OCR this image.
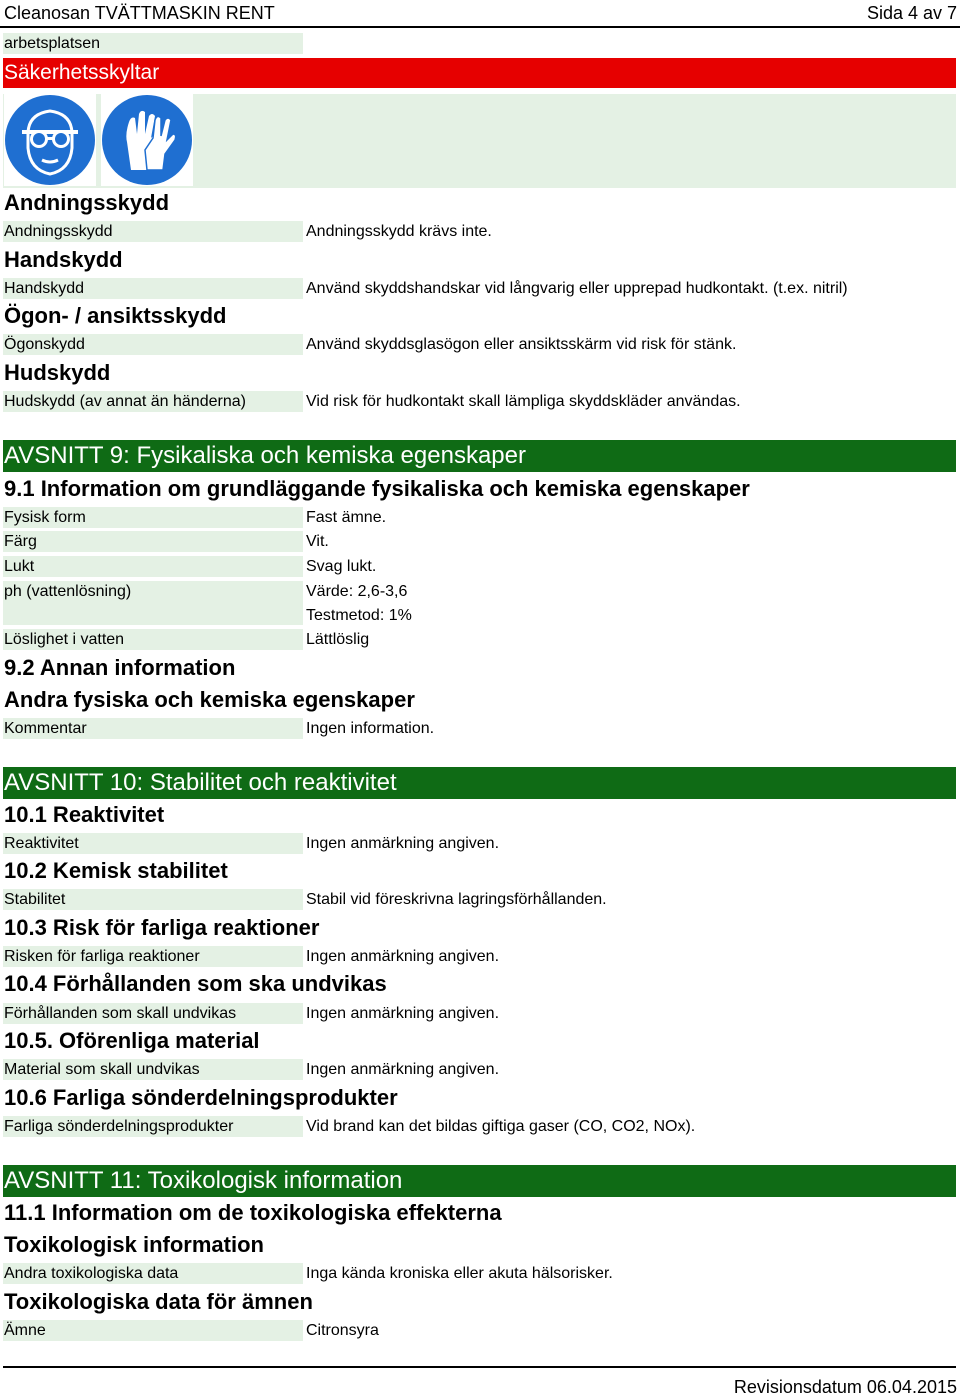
Cleanosan TVÄTTMASKIN RENT	Sida 4 av 7
arbetsplatsen
Säkerhetsskyltar
Andningsskydd
Andningsskydd	Andningsskydd krävs inte.
Handskydd
Handskydd	Använd skyddshandskar vid långvarig eller upprepad hudkontakt. (t.ex. nitril)
Ögon- / ansiktsskydd
Ögonskydd	Använd skyddsglasögon eller ansiktsskärm vid risk för stänk.
Hudskydd
Hudskydd (av annat än händerna)	Vid risk för hudkontakt skall lämpliga skyddskläder användas.
AVSNITT 9: Fysikaliska och kemiska egenskaper
9.1 Information om grundläggande fysikaliska och kemiska egenskaper
Fysisk form	Fast ämne.
Färg	Vit.
Lukt	Svag lukt.
ph (vattenlösning)	Värde: 2,6-3,6
Testmetod: 1%
Löslighet i vatten	Lättlöslig
9.2 Annan information
Andra fysiska och kemiska egenskaper
Kommentar	Ingen information.
AVSNITT 10: Stabilitet och reaktivitet
10.1 Reaktivitet
Reaktivitet	Ingen anmärkning angiven.
10.2 Kemisk stabilitet
Stabilitet	Stabil vid föreskrivna lagringsförhållanden.
10.3 Risk för farliga reaktioner
Risken för farliga reaktioner	Ingen anmärkning angiven.
10.4 Förhållanden som ska undvikas
Förhållanden som skall undvikas	Ingen anmärkning angiven.
10.5. Oförenliga material
Material som skall undvikas	Ingen anmärkning angiven.
10.6 Farliga sönderdelningsprodukter
Farliga sönderdelningsprodukter	Vid brand kan det bildas giftiga gaser (CO, CO2, NOx).
AVSNITT 11: Toxikologisk information
11.1 Information om de toxikologiska effekterna
Toxikologisk information
Andra toxikologiska data	Inga kända kroniska eller akuta hälsorisker.
Toxikologiska data för ämnen
Ämne	Citronsyra
Revisionsdatum 06.04.2015
